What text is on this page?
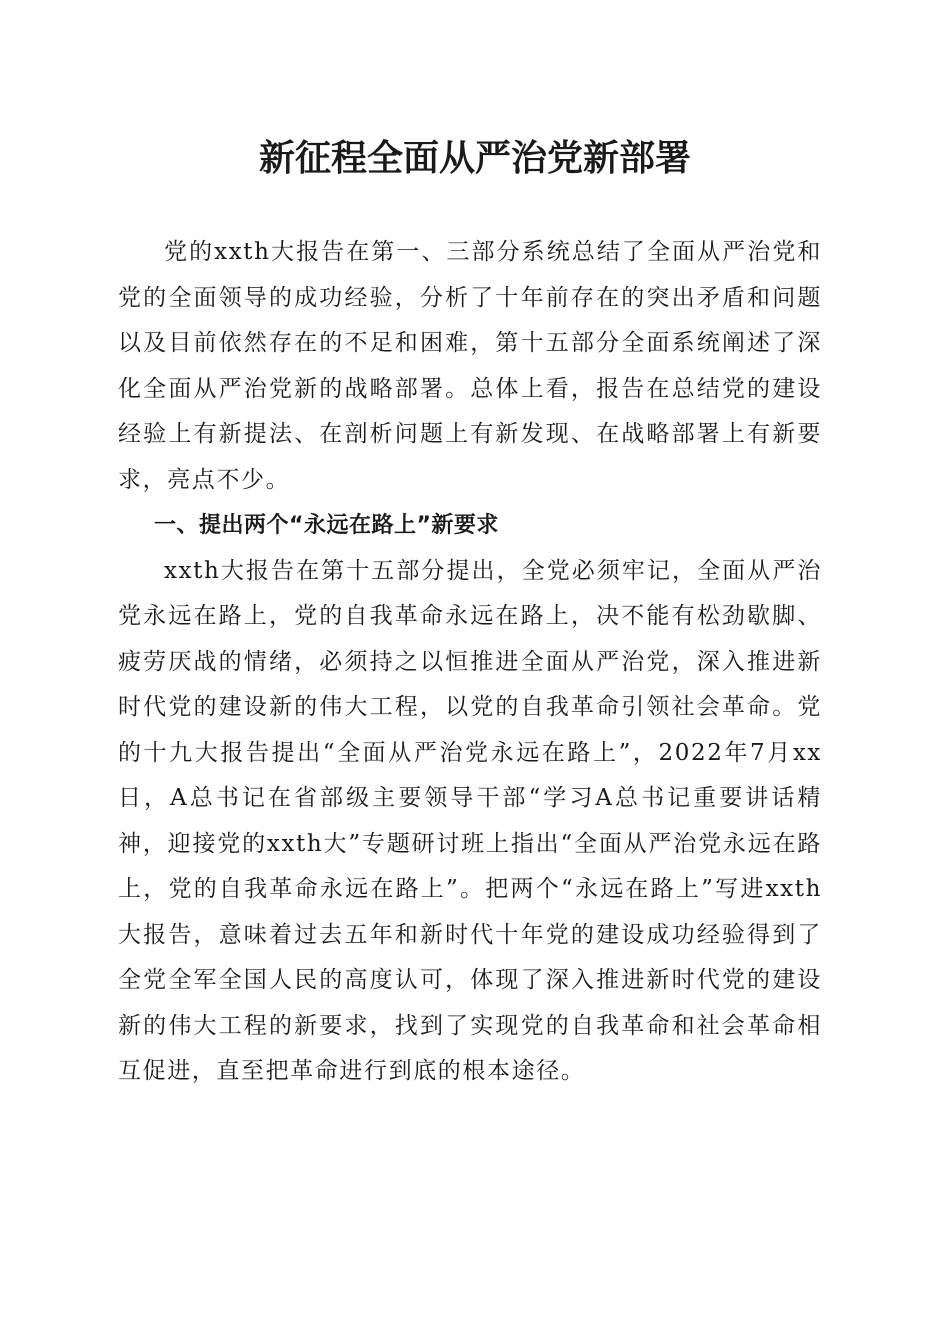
新征程全面从严治党新部署

党的xxth大报告在第一、三部分系统总结了全面从严治党和党的全面领导的成功经验，分析了十年前存在的突出矛盾和问题以及目前依然存在的不足和困难，第十五部分全面系统阐述了深化全面从严治党新的战略部署。总体上看，报告在总结党的建设经验上有新提法、在剖析问题上有新发现、在战略部署上有新要求，亮点不少。

一、提出两个“永远在路上”新要求

xxth大报告在第十五部分提出，全党必须牢记，全面从严治党永远在路上，党的自我革命永远在路上，决不能有松劲歇脚、疲劳厌战的情绪，必须持之以恒推进全面从严治党，深入推进新时代党的建设新的伟大工程，以党的自我革命引领社会革命。党的十九大报告提出“全面从严治党永远在路上”，2022年7月xx日，A总书记在省部级主要领导干部“学习A总书记重要讲话精神，迎接党的xxth大”专题研讨班上指出“全面从严治党永远在路上，党的自我革命永远在路上”。把两个“永远在路上”写进xxth大报告，意味着过去五年和新时代十年党的建设成功经验得到了全党全军全国人民的高度认可，体现了深入推进新时代党的建设新的伟大工程的新要求，找到了实现党的自我革命和社会革命相互促进，直至把革命进行到底的根本途径。
